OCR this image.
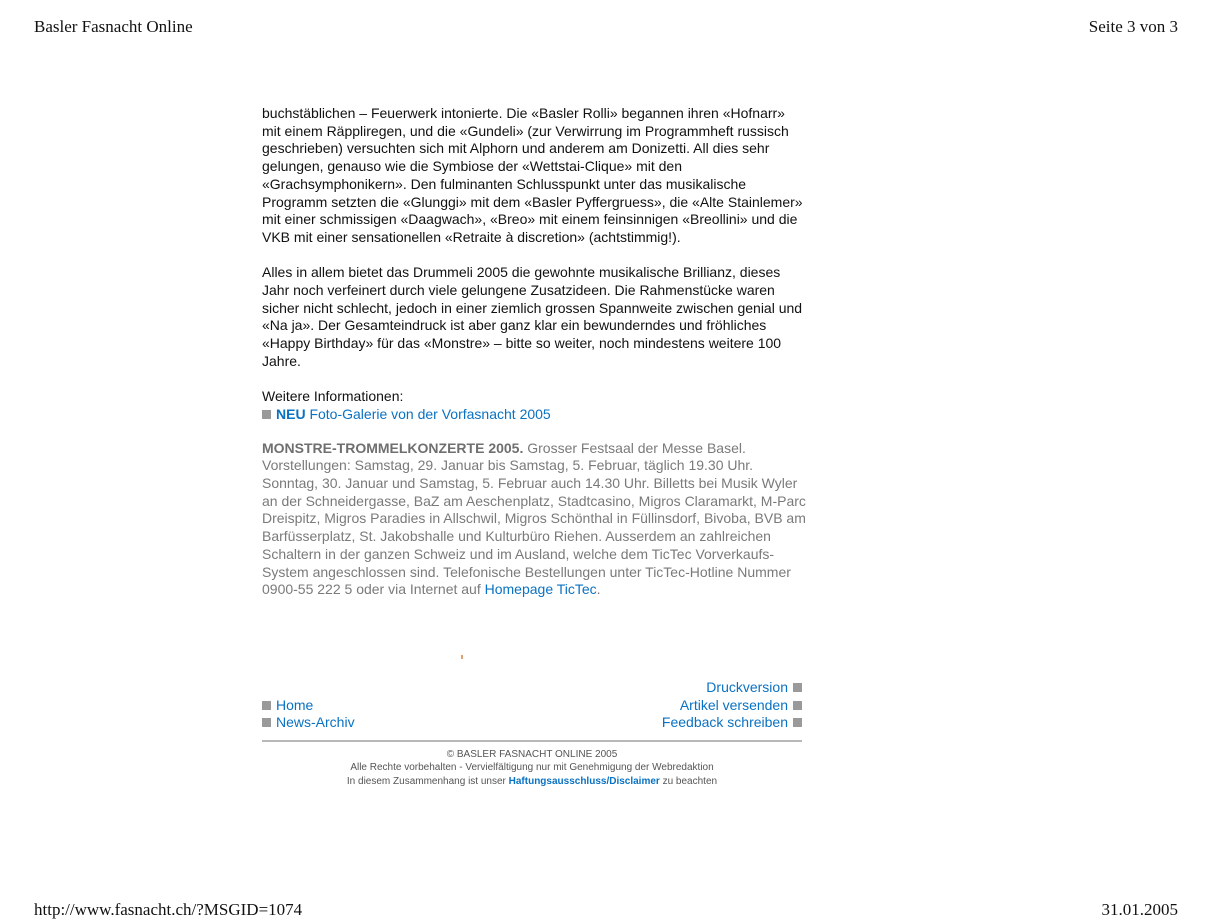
Basler Fasnacht Online	Seite 3 von 3

buchstäblichen – Feuerwerk intonierte. Die «Basler Rolli» begannen ihren «Hofnarr» mit einem Räppliregen, und die «Gundeli» (zur Verwirrung im Programmheft russisch geschrieben) versuchten sich mit Alphorn und anderem am Donizetti. All dies sehr gelungen, genauso wie die Symbiose der «Wettstai-Clique» mit den «Grachsymphonikern». Den fulminanten Schlusspunkt unter das musikalische Programm setzten die «Glunggi» mit dem «Basler Pyffergruess», die «Alte Stainlemer» mit einer schmissigen «Daagwach», «Breo» mit einem feinsinnigen «Breollini» und die VKB mit einer sensationellen «Retraite à discretion» (achtstimmig!).

Alles in allem bietet das Drummeli 2005 die gewohnte musikalische Brillianz, dieses Jahr noch verfeinert durch viele gelungene Zusatzideen. Die Rahmenstücke waren sicher nicht schlecht, jedoch in einer ziemlich grossen Spannweite zwischen genial und «Na ja». Der Gesamteindruck ist aber ganz klar ein bewunderndes und fröhliches «Happy Birthday» für das «Monstre» – bitte so weiter, noch mindestens weitere 100 Jahre.

Weitere Informationen:
NEU Foto-Galerie von der Vorfasnacht 2005
MONSTRE-TROMMELKONZERTE 2005. Grosser Festsaal der Messe Basel. Vorstellungen: Samstag, 29. Januar bis Samstag, 5. Februar, täglich 19.30 Uhr. Sonntag, 30. Januar und Samstag, 5. Februar auch 14.30 Uhr. Billetts bei Musik Wyler an der Schneidergasse, BaZ am Aeschenplatz, Stadtcasino, Migros Claramarkt, M-Parc Dreispitz, Migros Paradies in Allschwil, Migros Schönthal in Füllinsdorf, Bivoba, BVB am Barfüsserplatz, St. Jakobshalle und Kulturbüro Riehen. Ausserdem an zahlreichen Schaltern in der ganzen Schweiz und im Ausland, welche dem TicTec Vorverkaufs-System angeschlossen sind. Telefonische Bestellungen unter TicTec-Hotline Nummer 0900-55 222 5 oder via Internet auf Homepage TicTec.
Home
News-Archiv
Druckversion
Artikel versenden
Feedback schreiben
© BASLER FASNACHT ONLINE 2005
Alle Rechte vorbehalten - Vervielfältigung nur mit Genehmigung der Webredaktion
In diesem Zusammenhang ist unser Haftungsausschluss/Disclaimer zu beachten
http://www.fasnacht.ch/?MSGID=1074	31.01.2005
